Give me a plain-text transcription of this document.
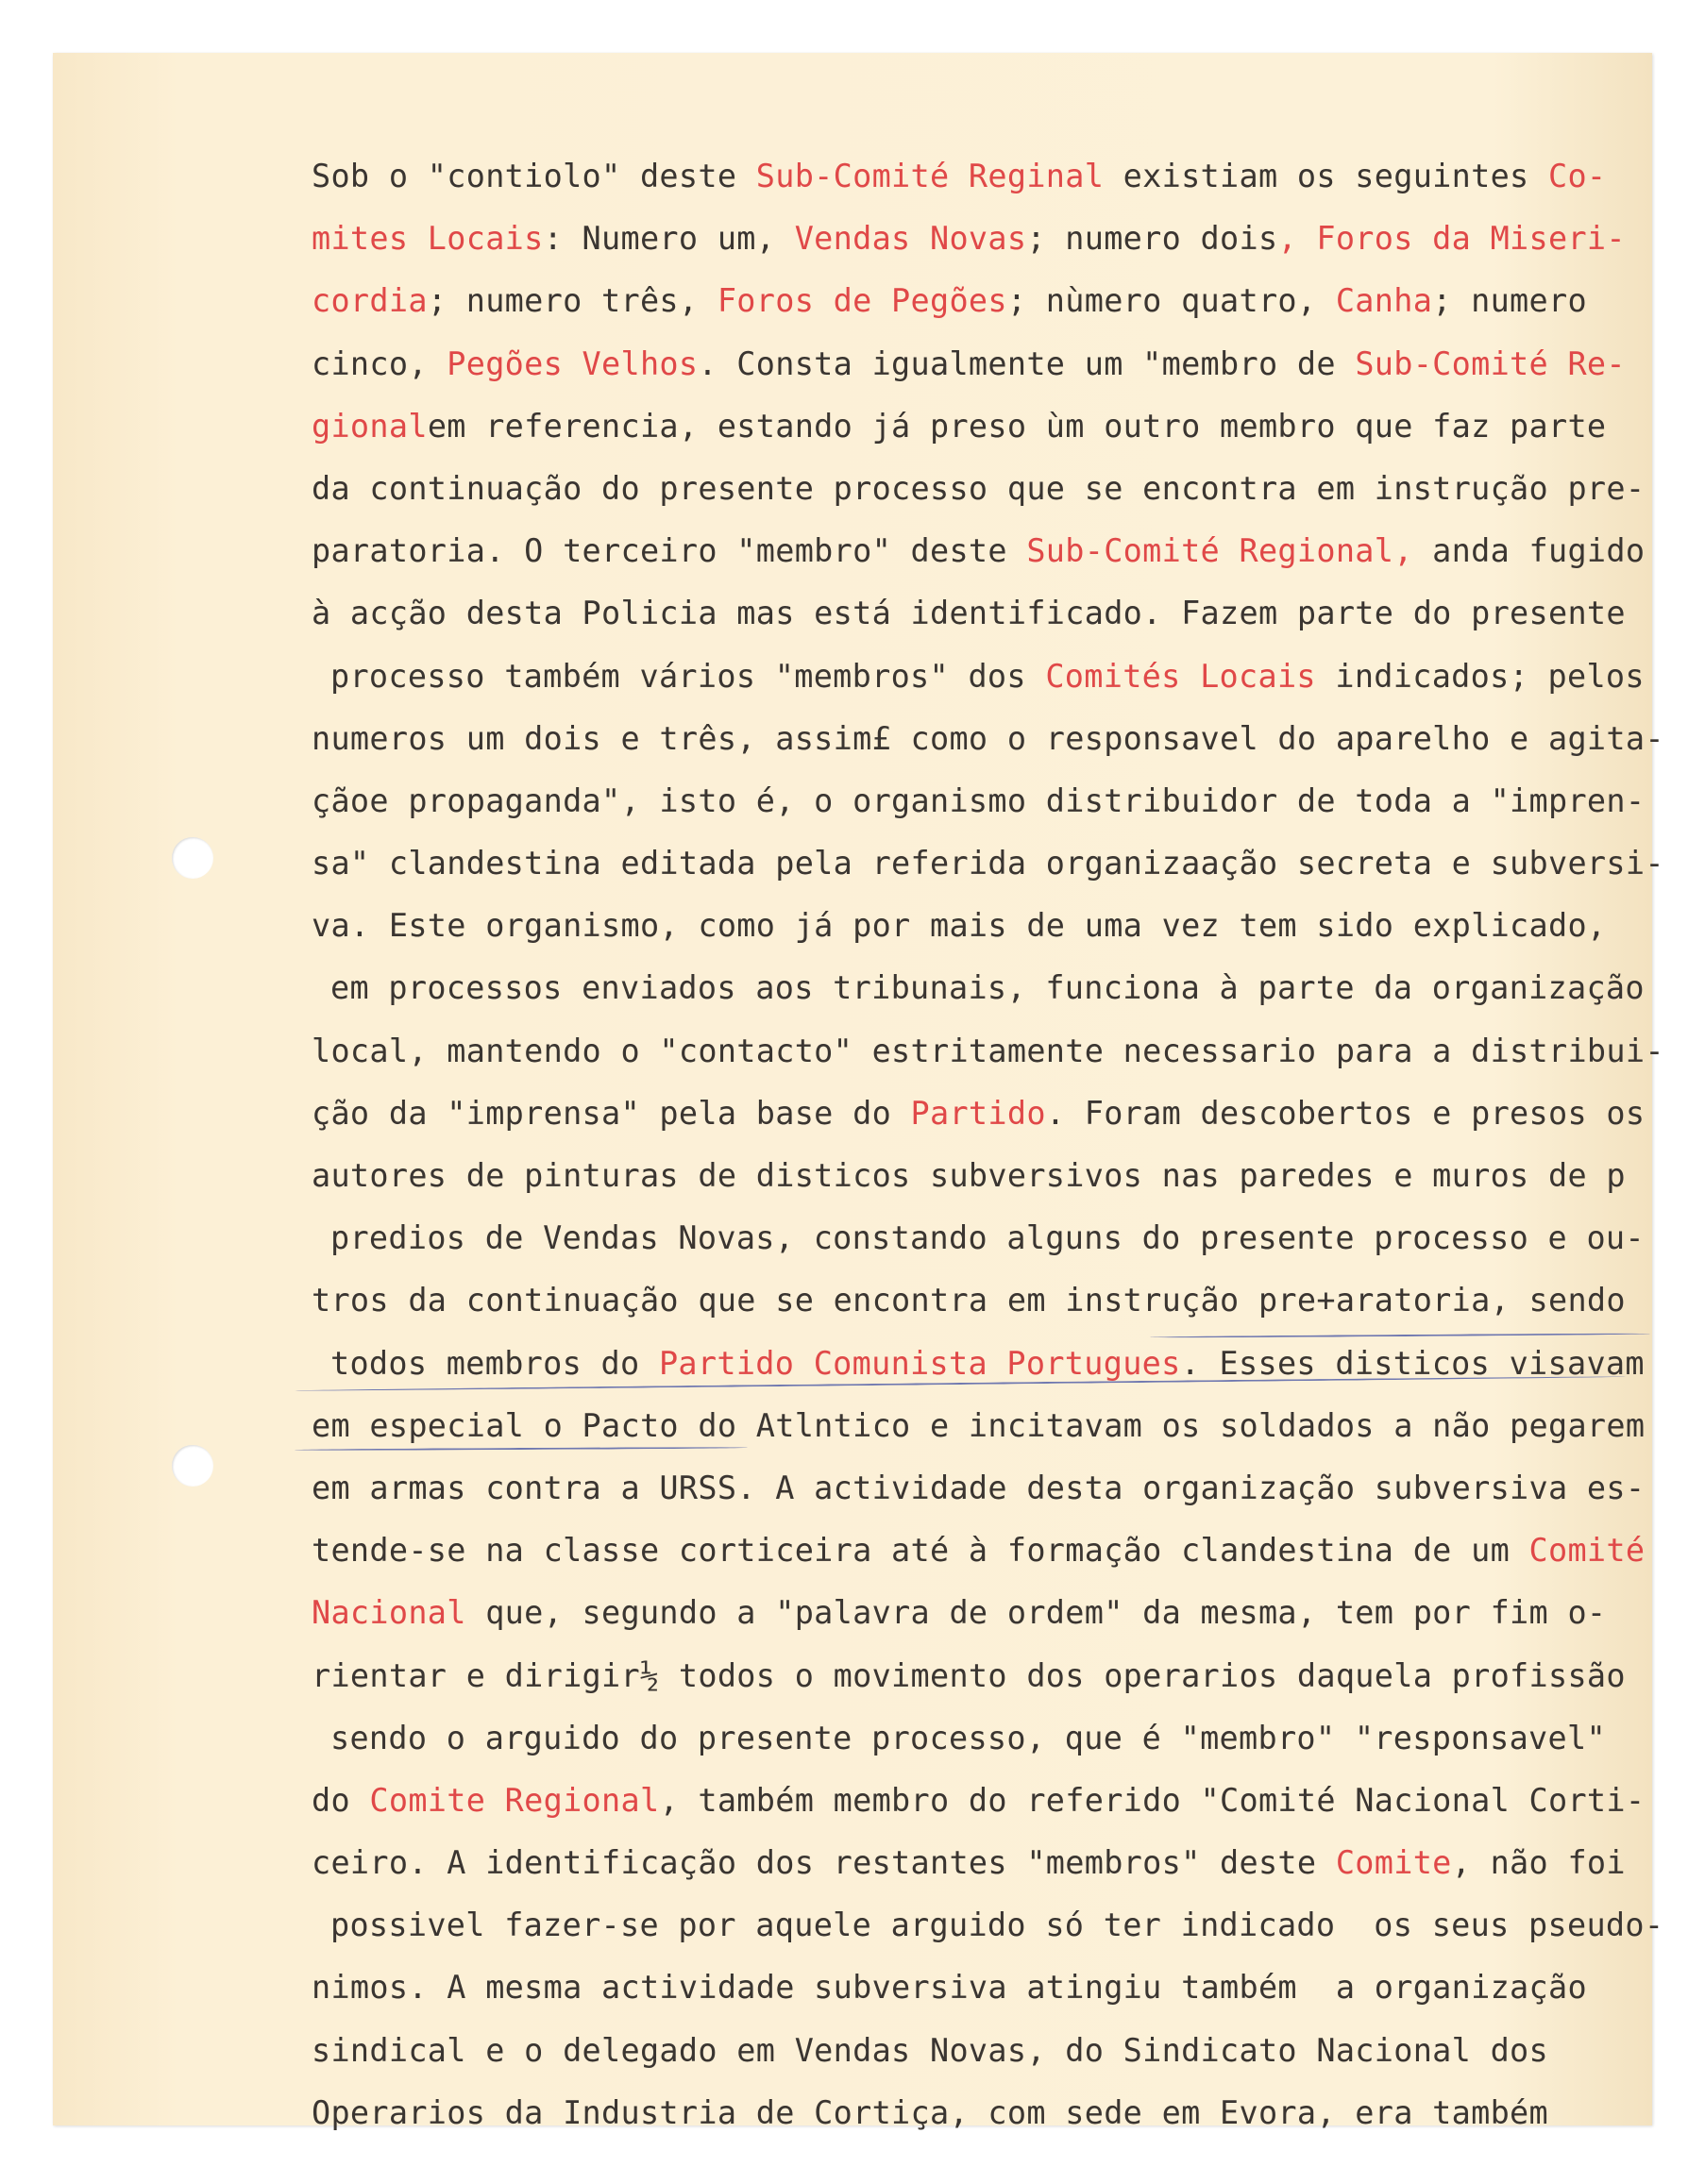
Sob o "contiolo" deste Sub-Comité Reginal existiam os seguintes Co-
mites Locais: Numero um, Vendas Novas; numero dois, Foros da Miseri-
cordia; numero três, Foros de Pegões; nùmero quatro, Canha; numero
cinco, Pegões Velhos. Consta igualmente um "membro de Sub-Comité Re-
gionalem referencia, estando já preso ùm outro membro que faz parte
da continuação do presente processo que se encontra em instrução pre-
paratoria. O terceiro "membro" deste Sub-Comité Regional, anda fugido
à acção desta Policia mas está identificado. Fazem parte do presente
processo também vários "membros" dos Comités Locais indicados; pelos
numeros um dois e três, assim£ como o responsavel do aparelho e agita-
çãoe propaganda", isto é, o organismo distribuidor de toda a "impren-
sa" clandestina editada pela referida organizaação secreta e subversi-
va. Este organismo, como já por mais de uma vez tem sido explicado,
em processos enviados aos tribunais, funciona à parte da organização
local, mantendo o "contacto" estritamente necessario para a distribui-
ção da "imprensa" pela base do Partido. Foram descobertos e presos os
autores de pinturas de disticos subversivos nas paredes e muros de p
predios de Vendas Novas, constando alguns do presente processo e ou-
tros da continuação que se encontra em instrução pre+aratoria, sendo
todos membros do Partido Comunista Portugues. Esses disticos visavam
em especial o Pacto do Atlntico e incitavam os soldados a não pegarem
em armas contra a URSS. A actividade desta organização subversiva es-
tende-se na classe corticeira até à formação clandestina de um Comité
Nacional que, segundo a "palavra de ordem" da mesma, tem por fim o-
rientar e dirigir½ todos o movimento dos operarios daquela profissão
sendo o arguido do presente processo, que é "membro" "responsavel"
do Comite Regional, também membro do referido "Comité Nacional Corti-
ceiro. A identificação dos restantes "membros" deste Comite, não foi
possivel fazer-se por aquele arguido só ter indicado  os seus pseudo-
nimos. A mesma actividade subversiva atingiu também  a organização
sindical e o delegado em Vendas Novas, do Sindicato Nacional dos
Operarios da Industria de Cortiça, com sede em Evora, era também
